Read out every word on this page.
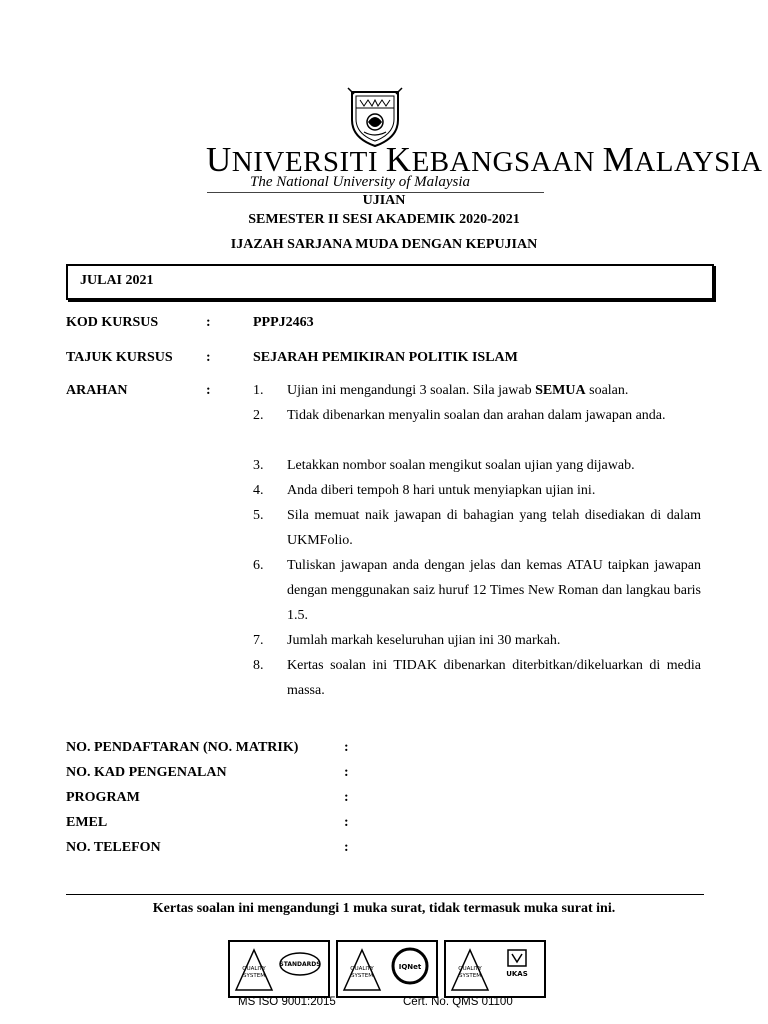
UNIVERSITI KEBANGSAAN MALAYSIA
The National University of Malaysia
UJIAN
SEMESTER II SESI AKADEMIK 2020-2021
IJAZAH SARJANA MUDA DENGAN KEPUJIAN
JULAI 2021
KOD KURSUS	:	PPPJ2463
TAJUK KURSUS :	SEJARAH PEMIKIRAN POLITIK ISLAM
ARAHAN	:	1.	Ujian ini mengandungi 3 soalan. Sila jawab SEMUA soalan.
2.	Tidak dibenarkan menyalin soalan dan arahan dalam jawapan anda.
3.	Letakkan nombor soalan mengikut soalan ujian yang dijawab.
4.	Anda diberi tempoh 8 hari untuk menyiapkan ujian ini.
5.	Sila memuat naik jawapan di bahagian yang telah disediakan di dalam UKMFolio.
6.	Tuliskan jawapan anda dengan jelas dan kemas ATAU taipkan jawapan dengan menggunakan saiz huruf 12 Times New Roman dan langkau baris 1.5.
7.	Jumlah markah keseluruhan ujian ini 30 markah.
8.	Kertas soalan ini TIDAK dibenarkan diterbitkan/dikeluarkan di media massa.
NO. PENDAFTARAN (NO. MATRIK)	:
NO. KAD PENGENALAN	:
PROGRAM	:
EMEL	:
NO. TELEFON	:
Kertas soalan ini mengandungi 1 muka surat, tidak termasuk muka surat ini.
QUALITY
SYSTEM
STANDARDS
QUALITY
SYSTEM
IQNet	QUALITY
SYSTEM	UKAS
MS ISO 9001:2015	Cert. No. QMS 01100
